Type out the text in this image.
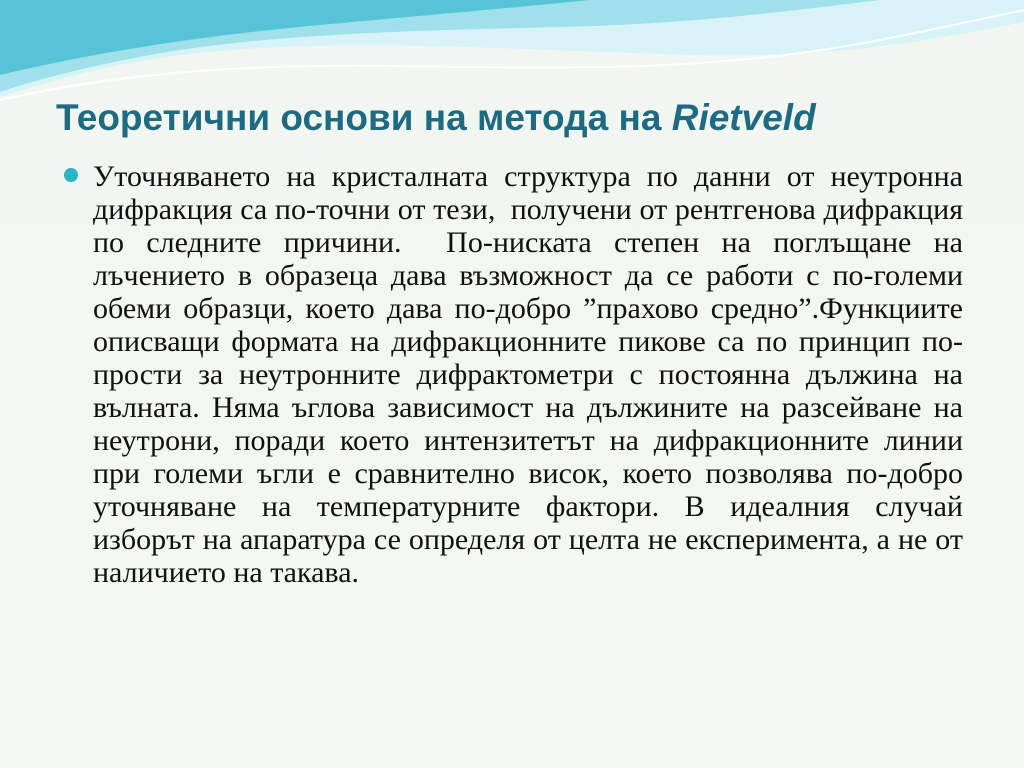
Теоретични основи на метода на Rietveld

Уточняването на кристалната структура по данни от неутронна дифракция са по-точни от тези,  получени от рентгенова дифракция по следните причини.  По-ниската степен на поглъщане на лъчението в образеца дава възможност да се работи с по-големи обеми образци, което дава по-добро ”прахово средно”.Функциите описващи формата на дифракционните пикове са по принцип по-прости за неутронните дифрактометри с постоянна дължина на вълната. Няма ъглова зависимост на дължините на разсейване на неутрони, поради което интензитетът на дифракционните линии при големи ъгли е сравнително висок, което позволява по-добро уточняване на температурните фактори. В идеалния случай изборът на апаратура се определя от целта не експеримента, а не от наличието на такава.
